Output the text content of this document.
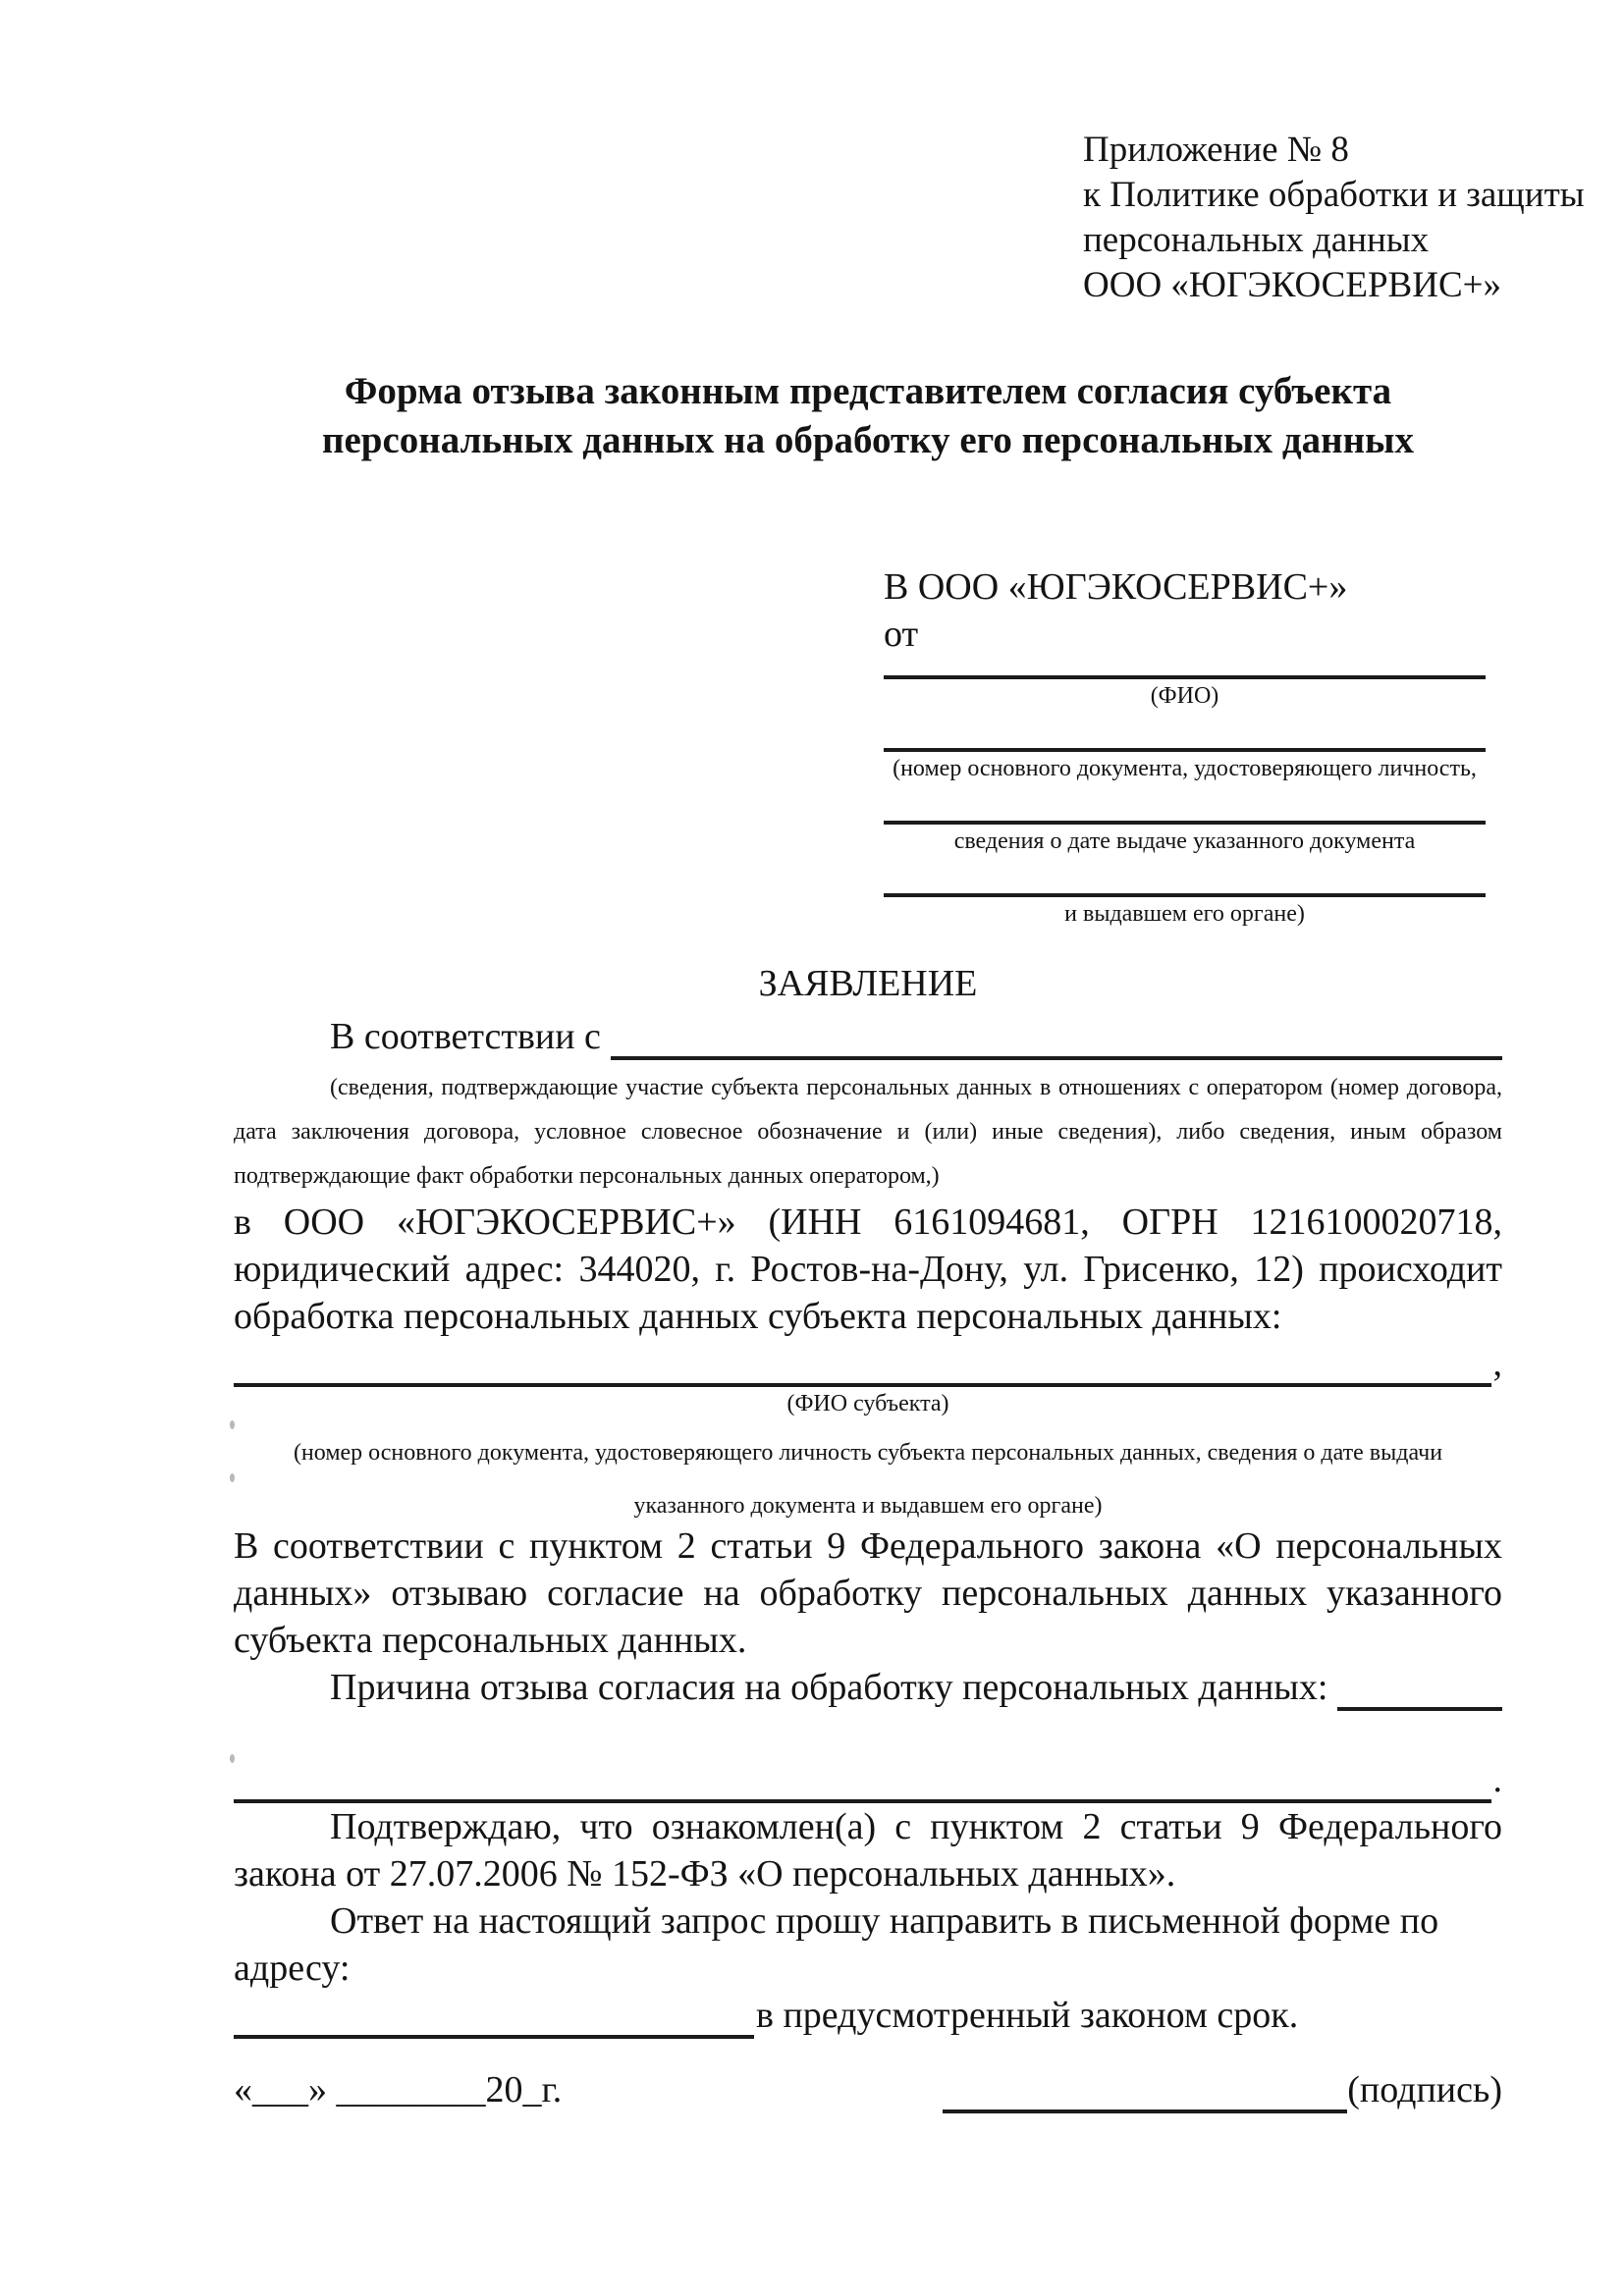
Приложение № 8
к Политике обработки и защиты
персональных данных
ООО «ЮГЭКОСЕРВИС+»
Форма отзыва законным представителем согласия субъекта
персональных данных на обработку его персональных данных
В ООО «ЮГЭКОСЕРВИС+»
от
(ФИО)
(номер основного документа, удостоверяющего личность,
сведения о дате выдаче указанного документа
и выдавшем его органе)
ЗАЯВЛЕНИЕ
В соответствии с
(сведения, подтверждающие участие субъекта персональных данных в отношениях с оператором (номер договора, дата заключения договора, условное словесное обозначение и (или) иные сведения), либо сведения, иным образом подтверждающие факт обработки персональных данных оператором,)
в ООО «ЮГЭКОСЕРВИС+» (ИНН 6161094681, ОГРН 1216100020718, юридический адрес: 344020, г. Ростов-на-Дону, ул. Грисенко, 12) происходит обработка персональных данных субъекта персональных данных:
,
(ФИО субъекта)
(номер основного документа, удостоверяющего личность субъекта персональных данных, сведения о дате выдачи
указанного документа и выдавшем его органе)
В соответствии с пунктом 2 статьи 9 Федерального закона «О персональных данных» отзываю согласие на обработку персональных данных указанного субъекта персональных данных.
Причина отзыва согласия на обработку персональных данных:
.
Подтверждаю, что ознакомлен(а) с пунктом 2 статьи 9 Федерального закона от 27.07.2006 № 152-ФЗ «О персональных данных».
Ответ на настоящий запрос прошу направить в письменной форме по адресу:
в предусмотренный законом срок.
«___» ________20_г.	(подпись)
